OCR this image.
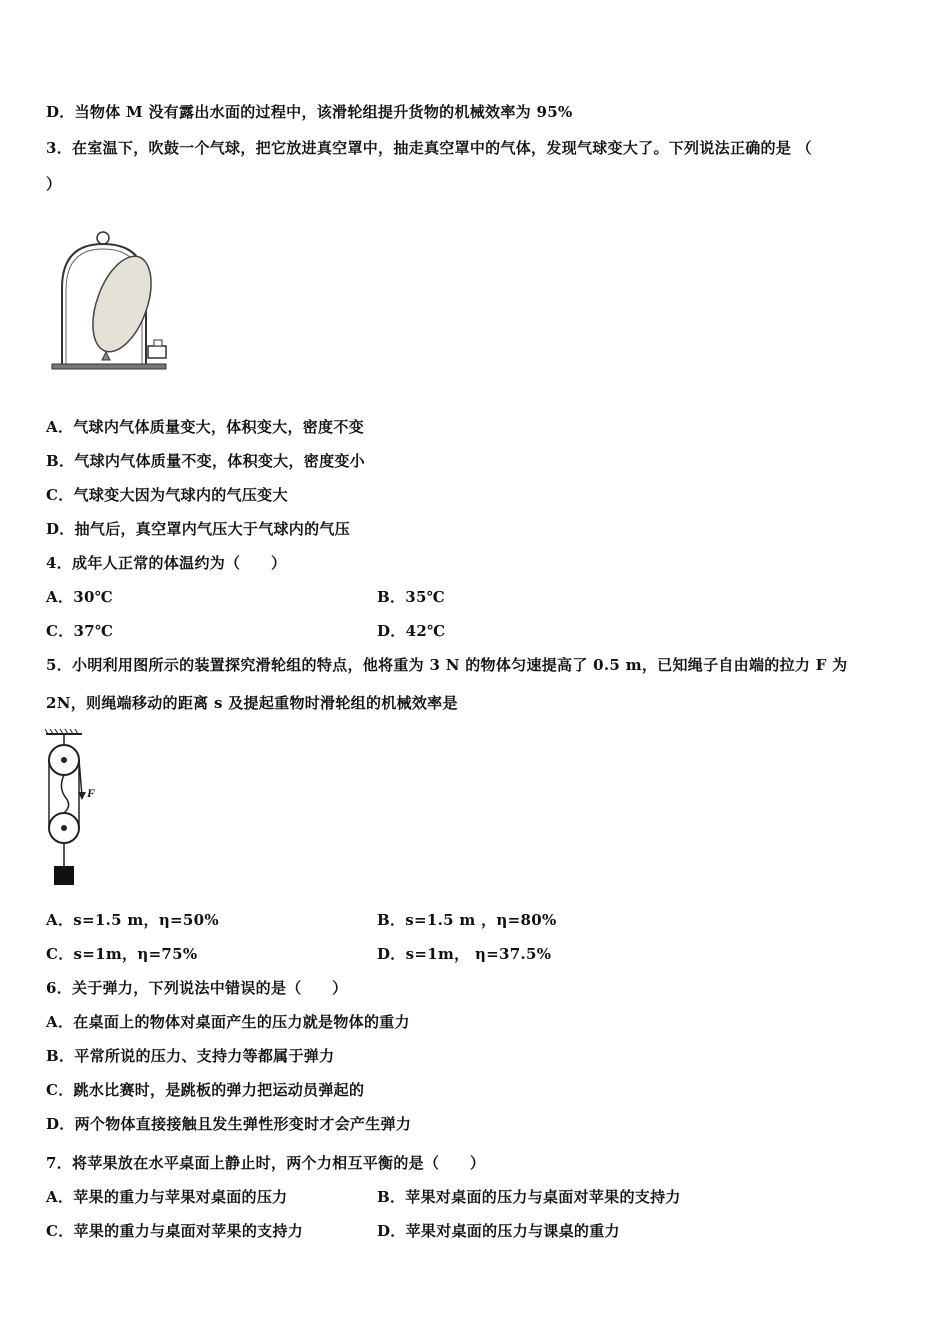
D．当物体 M 没有露出水面的过程中，该滑轮组提升货物的机械效率为 95%
3．在室温下，吹鼓一个气球，把它放进真空罩中，抽走真空罩中的气体，发现气球变大了。下列说法正确的是 （
）
A．气球内气体质量变大，体积变大，密度不变
B．气球内气体质量不变，体积变大，密度变小
C．气球变大因为气球内的气压变大
D．抽气后，真空罩内气压大于气球内的气压
4．成年人正常的体温约为（　　）
A．30℃	B．35℃
C．37℃	D．42℃
5．小明利用图所示的装置探究滑轮组的特点，他将重为 3 N 的物体匀速提高了 0.5 m，已知绳子自由端的拉力 F 为
2N，则绳端移动的距离 s 及提起重物时滑轮组的机械效率是
F
A．s=1.5 m，η=50%	B．s=1.5 m ，η=80%
C．s=1m，η=75%	D．s=1m， η=37.5%
6．关于弹力，下列说法中错误的是（　　）
A．在桌面上的物体对桌面产生的压力就是物体的重力
B．平常所说的压力、支持力等都属于弹力
C．跳水比赛时，是跳板的弹力把运动员弹起的
D．两个物体直接接触且发生弹性形变时才会产生弹力
7．将苹果放在水平桌面上静止时，两个力相互平衡的是（　　）
A．苹果的重力与苹果对桌面的压力	B．苹果对桌面的压力与桌面对苹果的支持力
C．苹果的重力与桌面对苹果的支持力	D．苹果对桌面的压力与课桌的重力
